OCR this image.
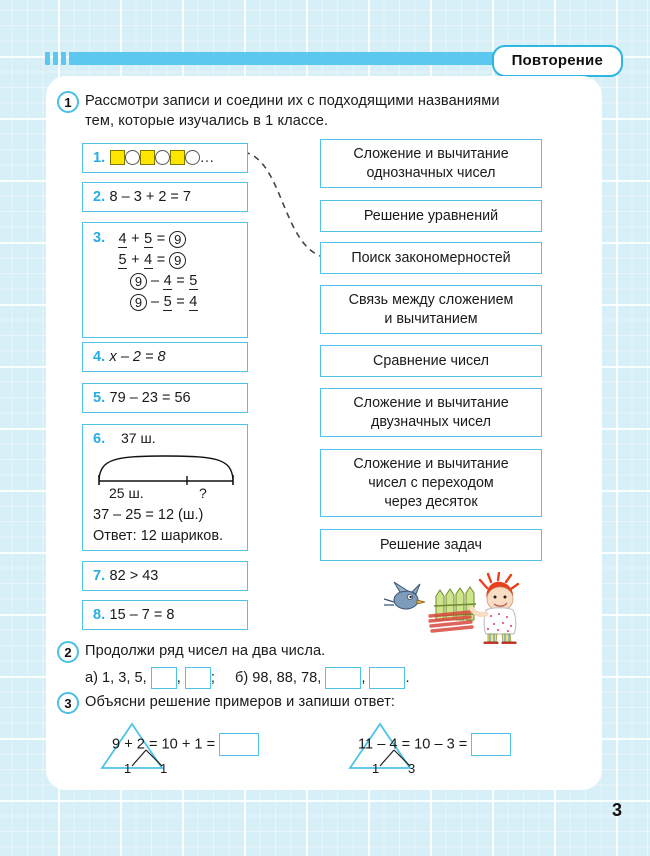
Повторение
1 Рассмотри записи и соедини их с подходящими названиями
тем, которые изучались в 1 классе.
1.	…
2. 8 – 3 + 2 = 7
3. 4 + 5 = 9
5 + 4 = 9
9 – 4 = 5
9 – 5 = 4
4. x – 2 = 8
5. 79 – 23 = 56
6. 37 ш.
25 ш.	?
37 – 25 = 12 (ш.)
Ответ: 12 шариков.
7. 82 > 43
8. 15 – 7 = 8
Сложение и вычитание
однозначных чисел
Решение уравнений
Поиск закономерностей
Связь между сложением
и вычитанием
Сравнение чисел
Сложение и вычитание
двузначных чисел
Сложение и вычитание
чисел с переходом
через десяток
Решение задач
2 Продолжи ряд чисел на два числа.
а) 1, 3, 5, , ; б) 98, 88, 78,	,	.
3 Объясни решение примеров и запиши ответ:
9 + 2 = 10 + 1 =
1 1
11 – 4 = 10 – 3 =
1 3
3
